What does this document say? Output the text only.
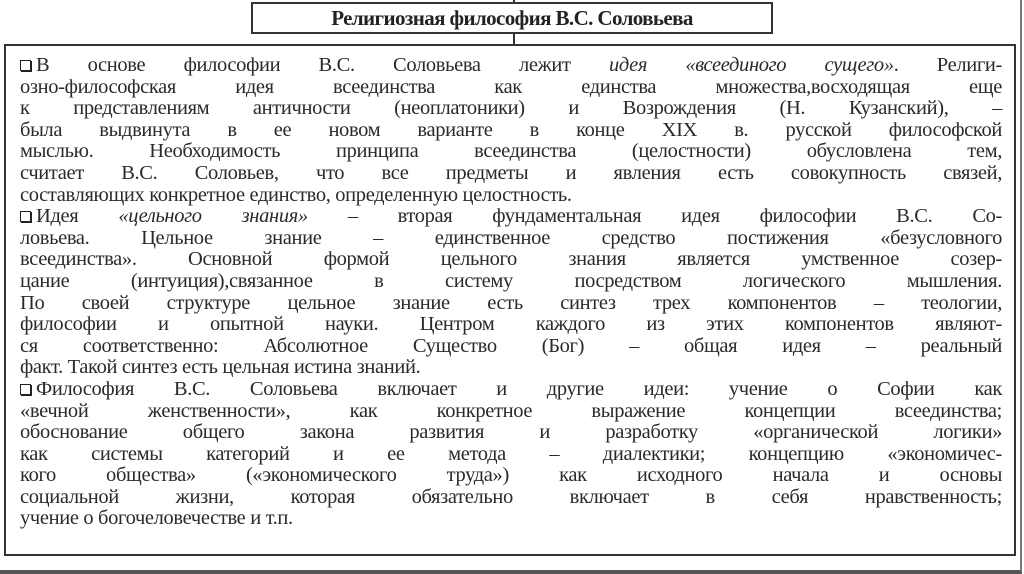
Религиозная философия В.С. Соловьева
В основе философии В.С. Соловьева лежит идея «всеединого сущего». Религи-
озно-философская идея всеединства как единства множества,восходящая еще
к представлениям античности (неоплатоники) и Возрождения (Н. Кузанский), –
была выдвинута в ее новом варианте в конце XIX в. русской философской
мыслью. Необходимость принципа всеединства (целостности) обусловлена тем,
считает В.С. Соловьев, что все предметы и явления есть совокупность связей,
составляющих конкретное единство, определенную целостность.
Идея «цельного знания» – вторая фундаментальная идея философии В.С. Со-
ловьева. Цельное знание – единственное средство постижения «безусловного
всеединства». Основной формой цельного знания является умственное созер-
цание (интуиция),связанное в систему посредством логического мышления.
По своей структуре цельное знание есть синтез трех компонентов – теологии,
философии и опытной науки. Центром каждого из этих компонентов являют-
ся соответственно: Абсолютное Существо (Бог) – общая идея – реальный
факт. Такой синтез есть цельная истина знаний.
Философия В.С. Соловьева включает и другие идеи: учение о Софии как
«вечной женственности», как конкретное выражение концепции всеединства;
обоснование общего закона развития и разработку «органической логики»
как системы категорий и ее метода – диалектики; концепцию «экономичес-
кого общества» («экономического труда») как исходного начала и основы
социальной жизни, которая обязательно включает в себя нравственность;
учение о богочеловечестве и т.п.
